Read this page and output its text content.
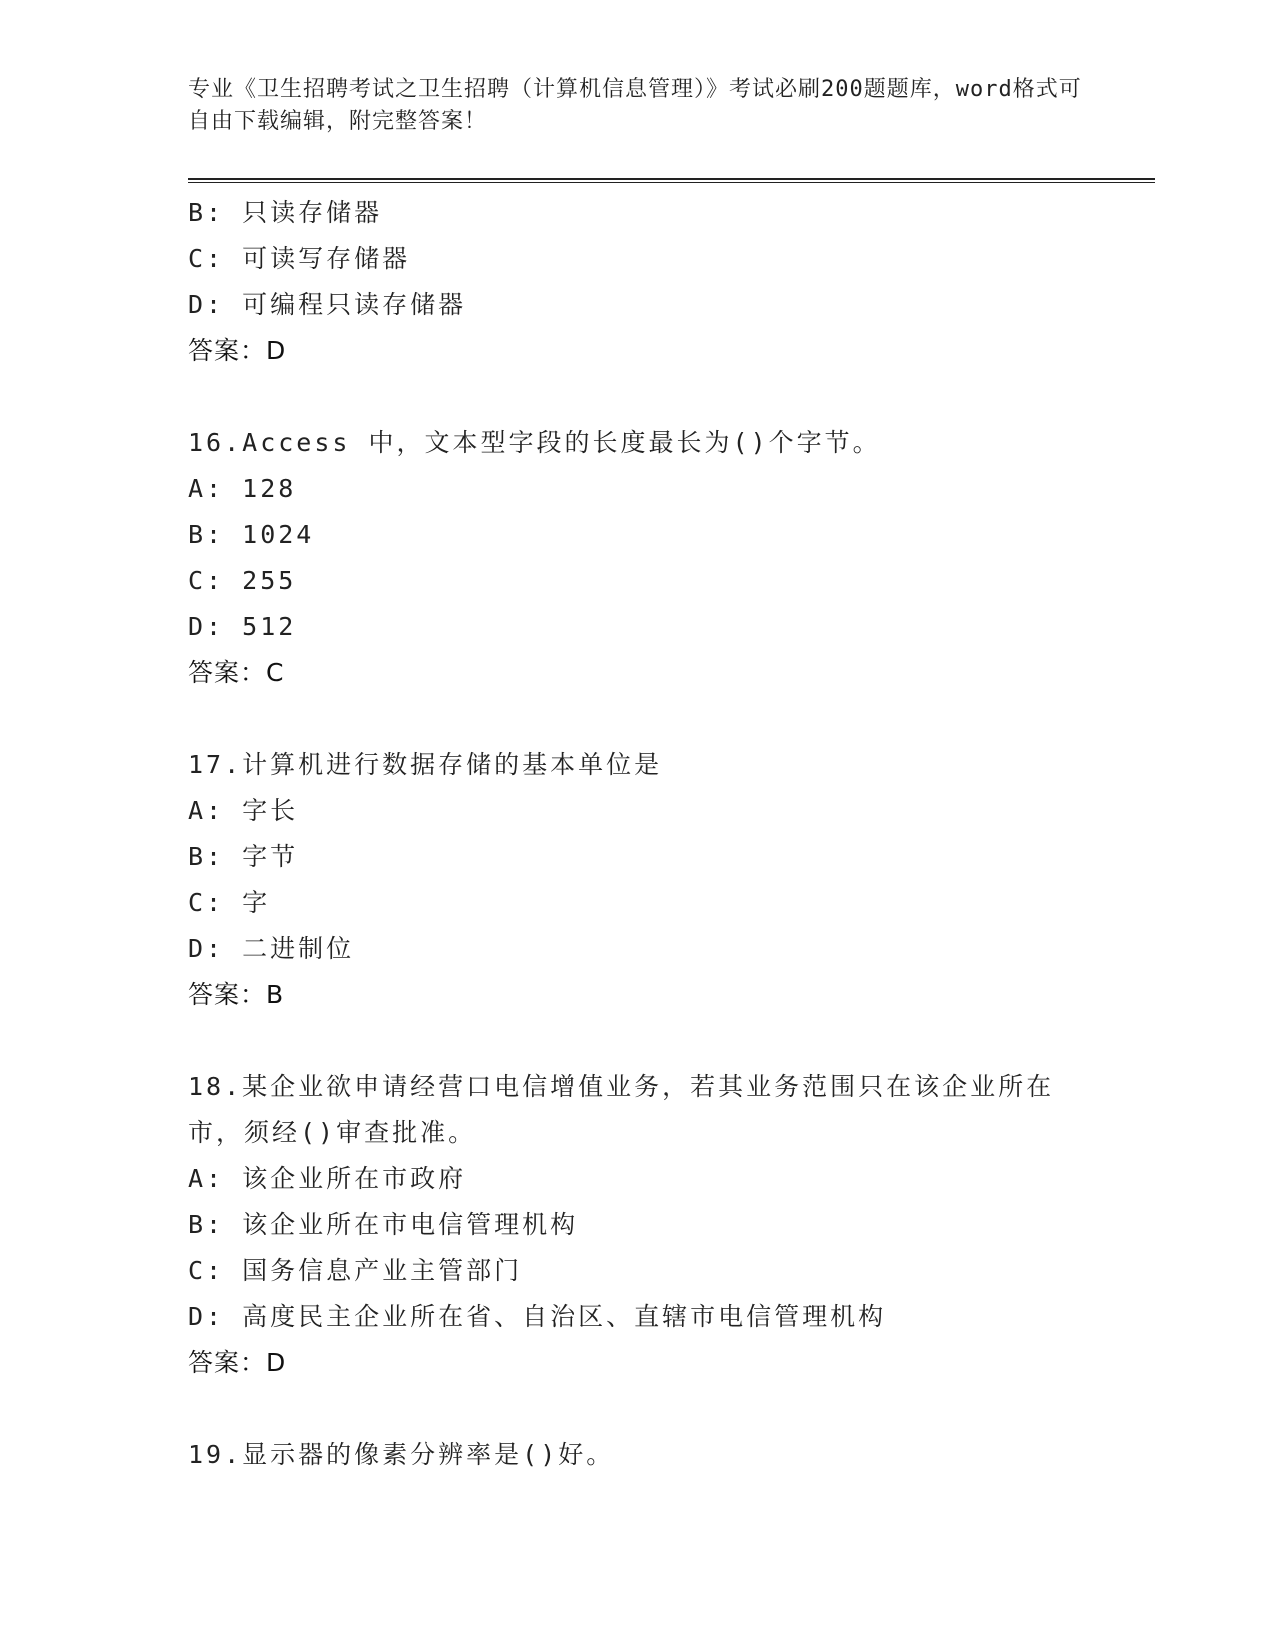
专业《卫生招聘考试之卫生招聘（计算机信息管理）》考试必刷200题题库，word格式可自由下载编辑，附完整答案！
B: 只读存储器
C: 可读写存储器
D: 可编程只读存储器
答案：D
16.Access 中，文本型字段的长度最长为()个字节。
A: 128
B: 1024
C: 255
D: 512
答案：C
17.计算机进行数据存储的基本单位是
A: 字长
B: 字节
C: 字
D: 二进制位
答案：B
18.某企业欲申请经营口电信增值业务，若其业务范围只在该企业所在市，须经()审查批准。
A: 该企业所在市政府
B: 该企业所在市电信管理机构
C: 国务信息产业主管部门
D: 高度民主企业所在省、自治区、直辖市电信管理机构
答案：D
19.显示器的像素分辨率是()好。
